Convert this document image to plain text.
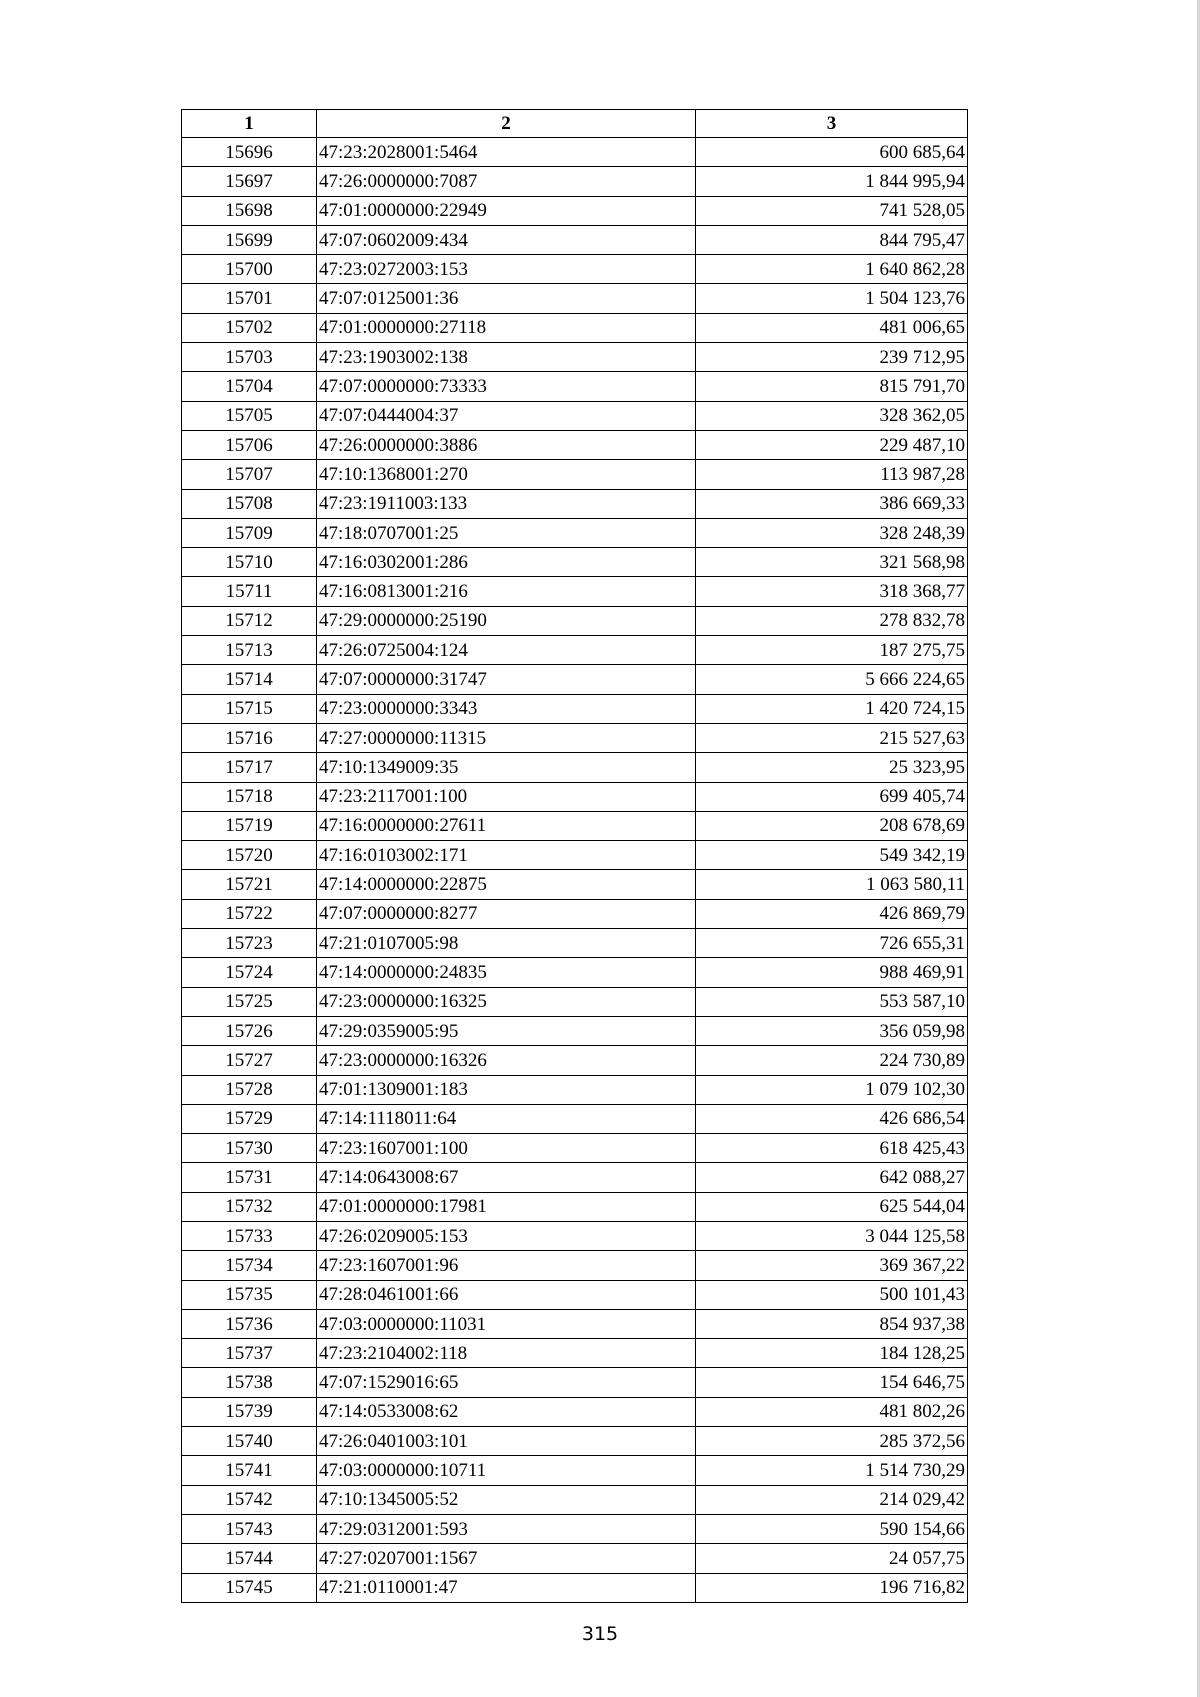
1	2	3
15696	47:23:2028001:5464	600 685,64
15697	47:26:0000000:7087	1 844 995,94
15698	47:01:0000000:22949	741 528,05
15699	47:07:0602009:434	844 795,47
15700	47:23:0272003:153	1 640 862,28
15701	47:07:0125001:36	1 504 123,76
15702	47:01:0000000:27118	481 006,65
15703	47:23:1903002:138	239 712,95
15704	47:07:0000000:73333	815 791,70
15705	47:07:0444004:37	328 362,05
15706	47:26:0000000:3886	229 487,10
15707	47:10:1368001:270	113 987,28
15708	47:23:1911003:133	386 669,33
15709	47:18:0707001:25	328 248,39
15710	47:16:0302001:286	321 568,98
15711	47:16:0813001:216	318 368,77
15712	47:29:0000000:25190	278 832,78
15713	47:26:0725004:124	187 275,75
15714	47:07:0000000:31747	5 666 224,65
15715	47:23:0000000:3343	1 420 724,15
15716	47:27:0000000:11315	215 527,63
15717	47:10:1349009:35	25 323,95
15718	47:23:2117001:100	699 405,74
15719	47:16:0000000:27611	208 678,69
15720	47:16:0103002:171	549 342,19
15721	47:14:0000000:22875	1 063 580,11
15722	47:07:0000000:8277	426 869,79
15723	47:21:0107005:98	726 655,31
15724	47:14:0000000:24835	988 469,91
15725	47:23:0000000:16325	553 587,10
15726	47:29:0359005:95	356 059,98
15727	47:23:0000000:16326	224 730,89
15728	47:01:1309001:183	1 079 102,30
15729	47:14:1118011:64	426 686,54
15730	47:23:1607001:100	618 425,43
15731	47:14:0643008:67	642 088,27
15732	47:01:0000000:17981	625 544,04
15733	47:26:0209005:153	3 044 125,58
15734	47:23:1607001:96	369 367,22
15735	47:28:0461001:66	500 101,43
15736	47:03:0000000:11031	854 937,38
15737	47:23:2104002:118	184 128,25
15738	47:07:1529016:65	154 646,75
15739	47:14:0533008:62	481 802,26
15740	47:26:0401003:101	285 372,56
15741	47:03:0000000:10711	1 514 730,29
15742	47:10:1345005:52	214 029,42
15743	47:29:0312001:593	590 154,66
15744	47:27:0207001:1567	24 057,75
15745	47:21:0110001:47	196 716,82
315
